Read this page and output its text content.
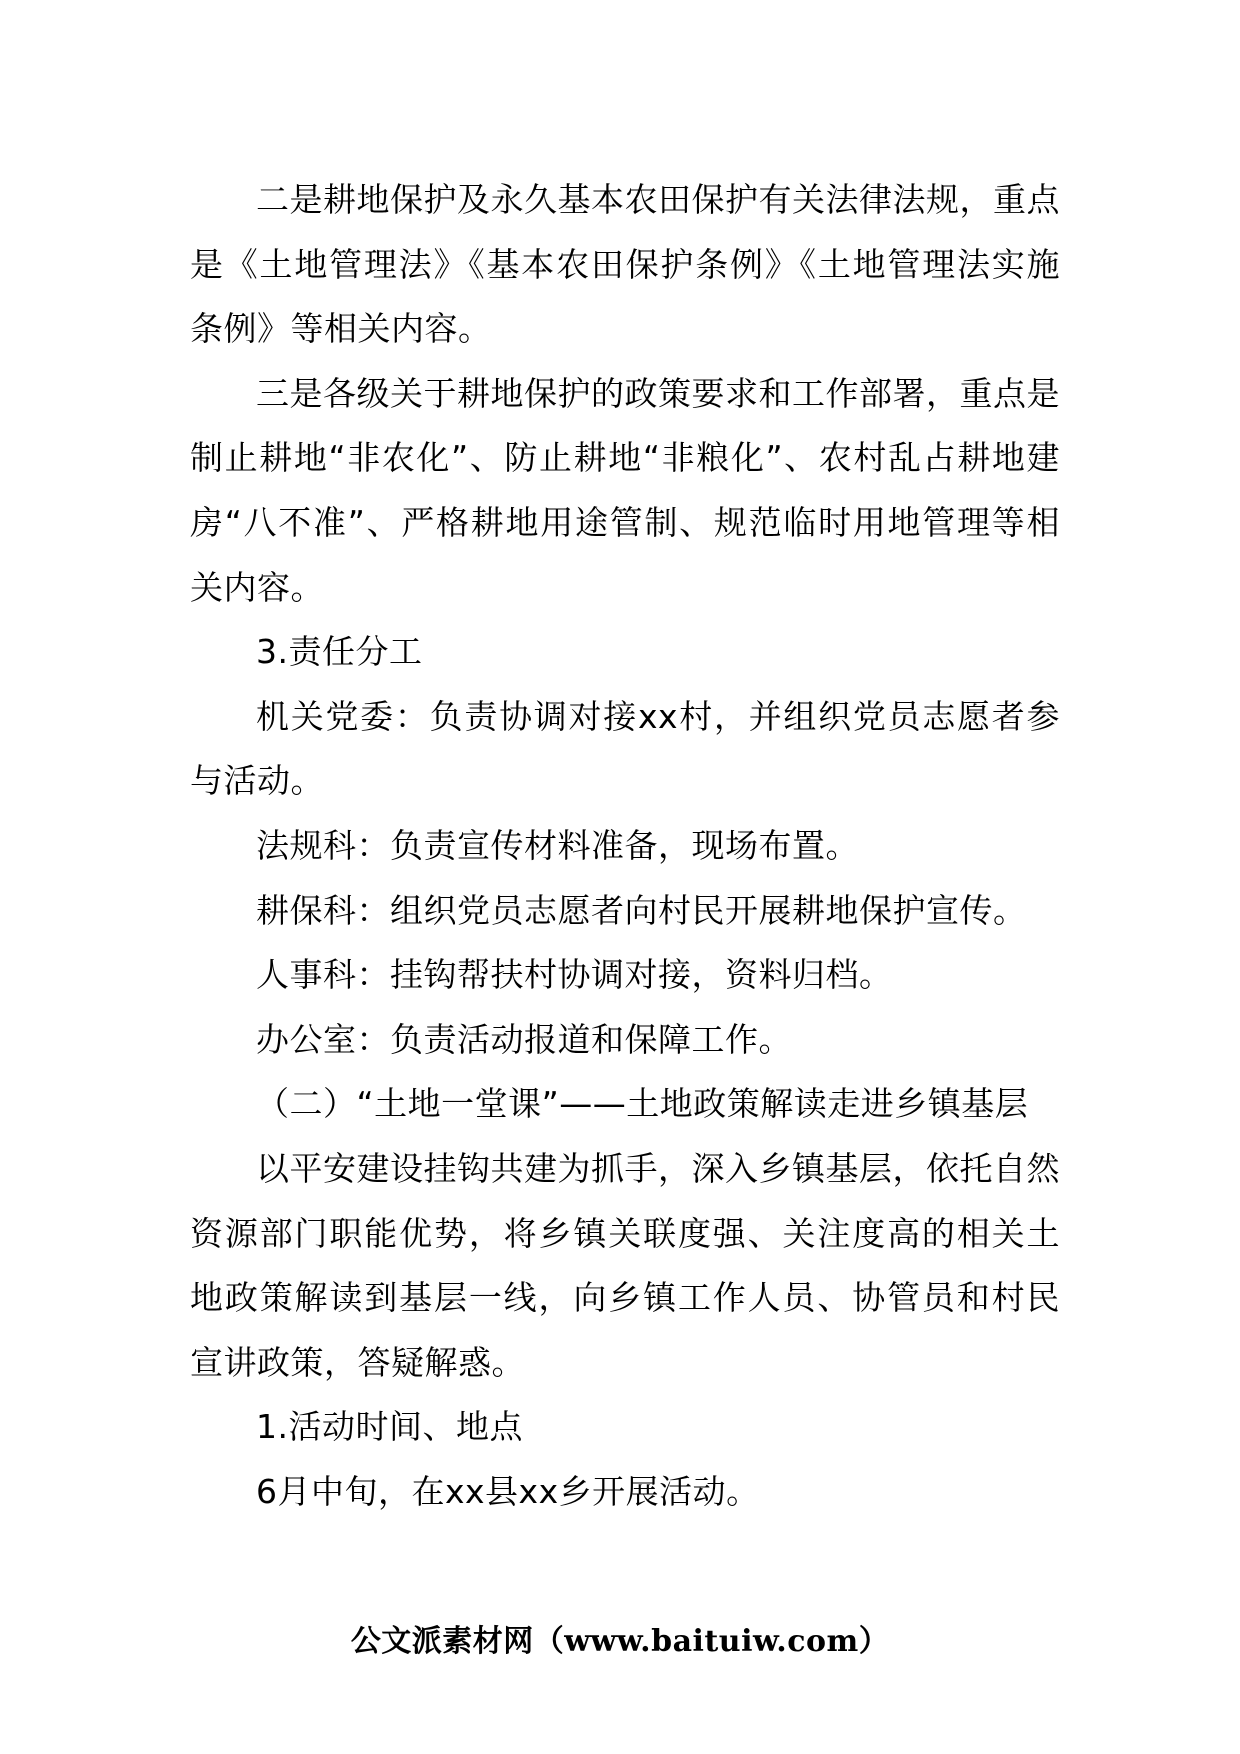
二是耕地保护及永久基本农田保护有关法律法规，重点是《土地管理法》《基本农田保护条例》《土地管理法实施条例》等相关内容。

三是各级关于耕地保护的政策要求和工作部署，重点是制止耕地“非农化”、防止耕地“非粮化”、农村乱占耕地建房“八不准”、严格耕地用途管制、规范临时用地管理等相关内容。

3.责任分工

机关党委：负责协调对接xx村，并组织党员志愿者参与活动。

法规科：负责宣传材料准备，现场布置。

耕保科：组织党员志愿者向村民开展耕地保护宣传。

人事科：挂钩帮扶村协调对接，资料归档。

办公室：负责活动报道和保障工作。

（二）“土地一堂课”——土地政策解读走进乡镇基层

以平安建设挂钩共建为抓手，深入乡镇基层，依托自然资源部门职能优势，将乡镇关联度强、关注度高的相关土地政策解读到基层一线，向乡镇工作人员、协管员和村民宣讲政策，答疑解惑。

1.活动时间、地点

6月中旬，在xx县xx乡开展活动。

公文派素材网（www.baituiw.com）
